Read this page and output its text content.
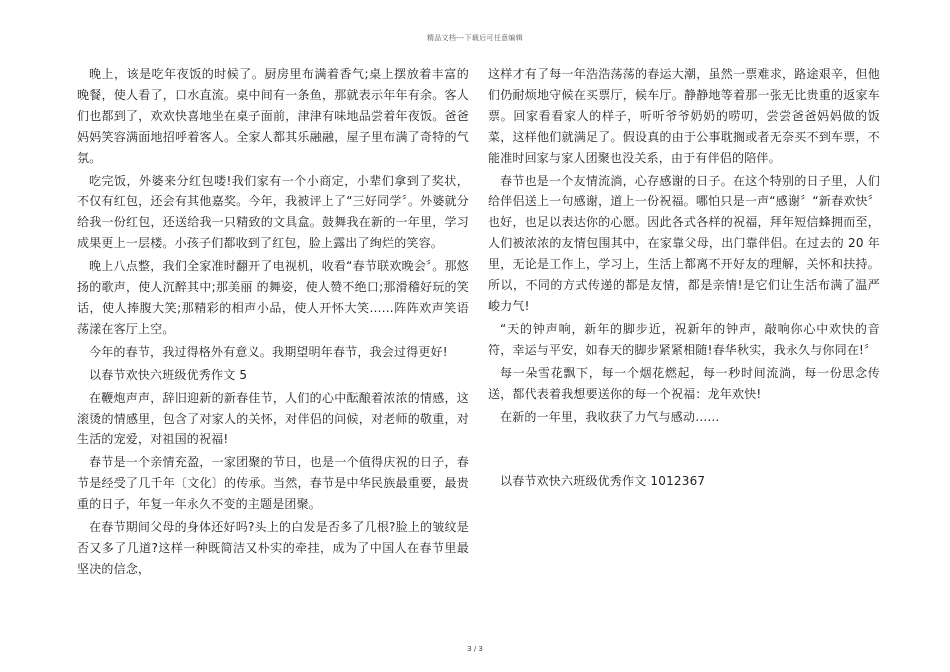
精品文档---下载后可任意编辑

晚上，该是吃年夜饭的时候了。厨房里布满着香气;桌上摆放着丰富的晚餐，使人看了，口水直流。桌中间有一条鱼，那就表示年年有余。客人们也都到了，欢欢快喜地坐在桌子面前，津津有味地品尝着年夜饭。爸爸妈妈笑容满面地招呼着客人。全家人都其乐融融，屋子里布满了奇特的气氛。

吃完饭，外婆来分红包喽!我们家有一个小商定，小辈们拿到了奖状，不仅有红包，还会有其他嘉奖。今年，我被评上了“三好同学〞。外婆就分给我一份红包，还送给我一只精致的文具盒。鼓舞我在新的一年里，学习成果更上一层楼。小孩子们都收到了红包，脸上露出了绚烂的笑容。

晚上八点整，我们全家准时翻开了电视机，收看“春节联欢晚会〞。那悠扬的歌声，使人沉醉其中;那美丽 的舞姿，使人赞不绝口;那滑稽好玩的笑话，使人捧腹大笑;那精彩的相声小品，使人开怀大笑……阵阵欢声笑语荡漾在客厅上空。

今年的春节，我过得格外有意义。我期望明年春节，我会过得更好!

以春节欢快六班级优秀作文 5

在鞭炮声声，辞旧迎新的新春佳节，人们的心中酝酿着浓浓的情感，这滚烫的情感里，包含了对家人的关怀，对伴侣的问候，对老师的敬重，对生活的宠爱，对祖国的祝福!

春节是一个亲情充盈，一家团聚的节日，也是一个值得庆祝的日子，春节是经受了几千年〔文化〕的传承。当然，春节是中华民族最重要，最贵重的日子，年复一年永久不变的主题是团聚。

在春节期间父母的身体还好吗?头上的白发是否多了几根?脸上的皱纹是否又多了几道?这样一种既简洁又朴实的牵挂，成为了中国人在春节里最坚决的信念，

这样才有了每一年浩浩荡荡的春运大潮，虽然一票难求，路途艰辛，但他们仍耐烦地守候在买票厅，候车厅。静静地等着那一张无比贵重的返家车票。回家看看家人的样子，听听爷爷奶奶的唠叨，尝尝爸爸妈妈做的饭菜，这样他们就满足了。假设真的由于公事耽搁或者无奈买不到车票，不能准时回家与家人团聚也没关系，由于有伴侣的陪伴。

春节也是一个友情流淌，心存感谢的日子。在这个特别的日子里，人们给伴侣送上一句感谢，道上一份祝福。哪怕只是一声“感谢〞“新春欢快〞也好，也足以表达你的心愿。因此各式各样的祝福，拜年短信蜂拥而至，人们被浓浓的友情包围其中，在家靠父母，出门靠伴侣。在过去的 20 年里，无论是工作上，学习上，生活上都离不开好友的理解，关怀和扶持。所以，不同的方式传递的都是友情，都是亲情!是它们让生活布满了温严峻力气!

“天的钟声响，新年的脚步近，祝新年的钟声，敲响你心中欢快的音符，幸运与平安，如春天的脚步紧紧相随!春华秋实，我永久与你同在!〞

每一朵雪花飘下，每一个烟花燃起，每一秒时间流淌，每一份思念传送，都代表着我想要送你的每一个祝福：龙年欢快!

在新的一年里，我收获了力气与感动……

以春节欢快六班级优秀作文 1012367

3 / 3
